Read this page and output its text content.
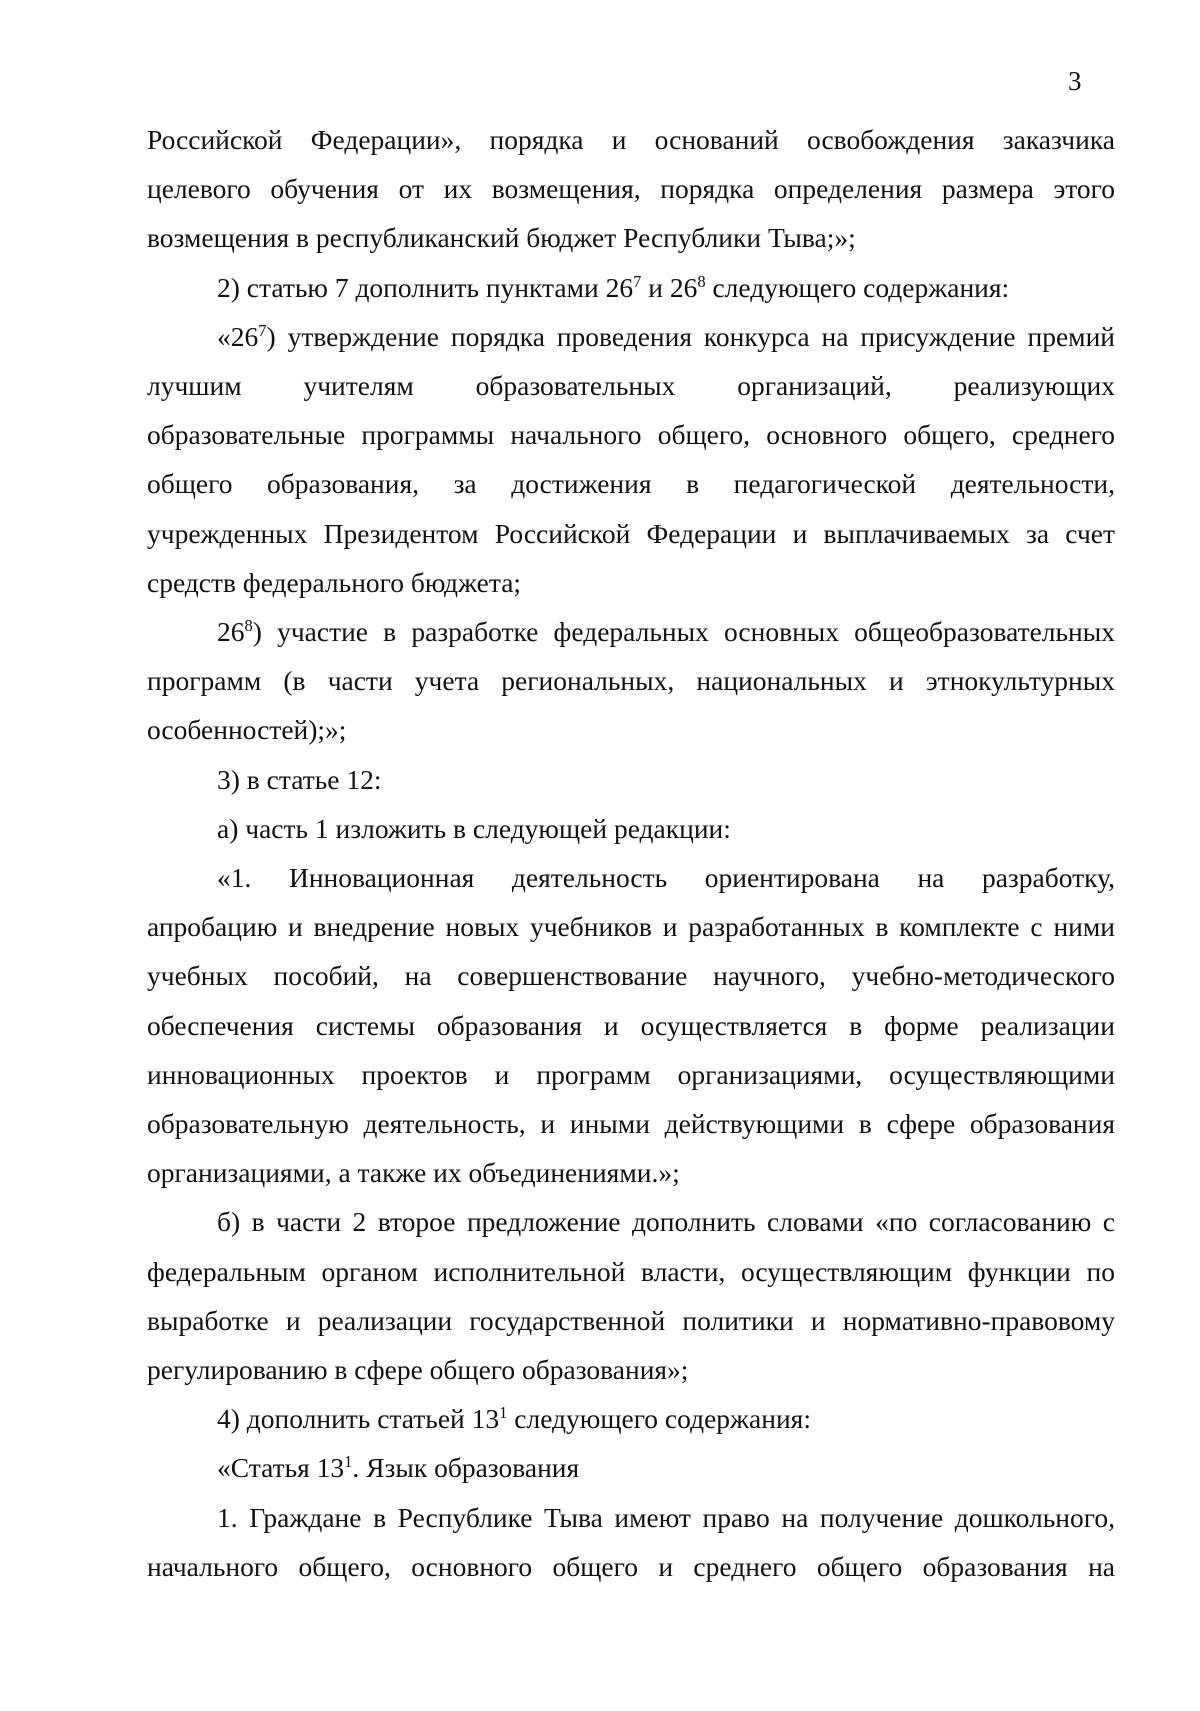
3
Российской Федерации», порядка и оснований освобождения заказчика
целевого обучения от их возмещения, порядка определения размера этого
возмещения в республиканский бюджет Республики Тыва;»;
2) статью 7 дополнить пунктами $26^7$ и $26^8$ следующего содержания:
«$26^7$) утверждение порядка проведения конкурса на присуждение премий
лучшим учителям образовательных организаций, реализующих
образовательные программы начального общего, основного общего, среднего
общего образования, за достижения в педагогической деятельности,
учрежденных Президентом Российской Федерации и выплачиваемых за счет
средств федерального бюджета;
$26^8$) участие в разработке федеральных основных общеобразовательных
программ (в части учета региональных, национальных и этнокультурных
особенностей);»;
3) в статье 12:
а) часть 1 изложить в следующей редакции:
«1. Инновационная деятельность ориентирована на разработку,
апробацию и внедрение новых учебников и разработанных в комплекте с ними
учебных пособий, на совершенствование научного, учебно-методического
обеспечения системы образования и осуществляется в форме реализации
инновационных проектов и программ организациями, осуществляющими
образовательную деятельность, и иными действующими в сфере образования
организациями, а также их объединениями.»;
б) в части 2 второе предложение дополнить словами «по согласованию с
федеральным органом исполнительной власти, осуществляющим функции по
выработке и реализации государственной политики и нормативно-правовому
регулированию в сфере общего образования»;
4) дополнить статьей $13^1$ следующего содержания:
«Статья $13^1$. Язык образования
1. Граждане в Республике Тыва имеют право на получение дошкольного,
начального общего, основного общего и среднего общего образования на
